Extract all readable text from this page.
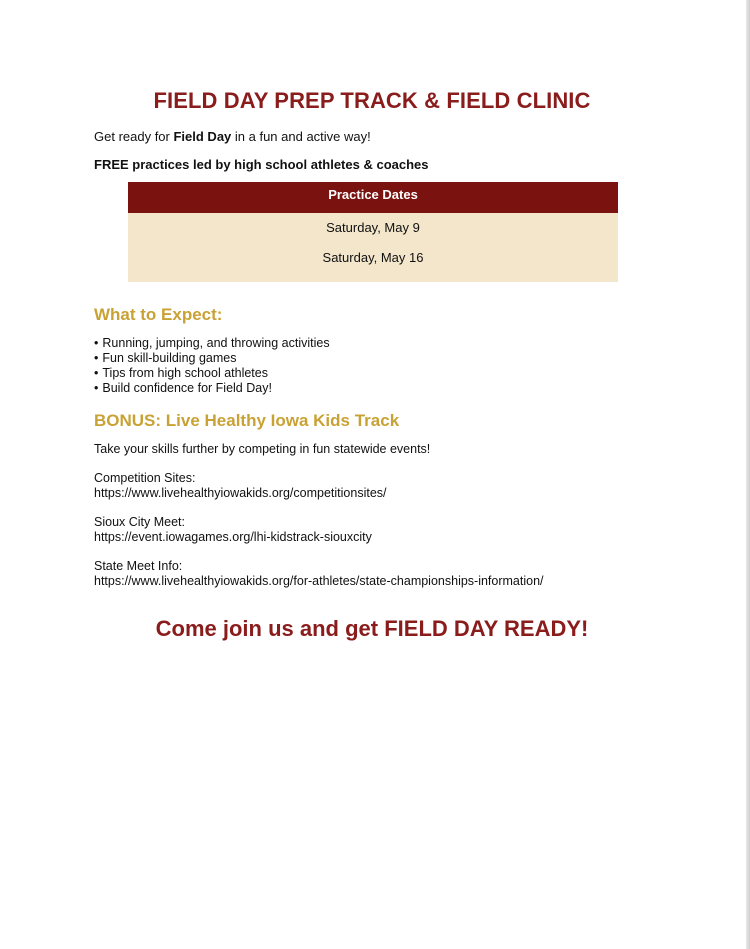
FIELD DAY PREP TRACK & FIELD CLINIC
Get ready for Field Day in a fun and active way!
FREE practices led by high school athletes & coaches
Practice Dates
Saturday, May 9
Saturday, May 16
What to Expect:
• Running, jumping, and throwing activities
• Fun skill-building games
• Tips from high school athletes
• Build confidence for Field Day!
BONUS: Live Healthy Iowa Kids Track
Take your skills further by competing in fun statewide events!
Competition Sites:
https://www.livehealthyiowakids.org/competitionsites/
Sioux City Meet:
https://event.iowagames.org/lhi-kidstrack-siouxcity
State Meet Info:
https://www.livehealthyiowakids.org/for-athletes/state-championships-information/
Come join us and get FIELD DAY READY!
